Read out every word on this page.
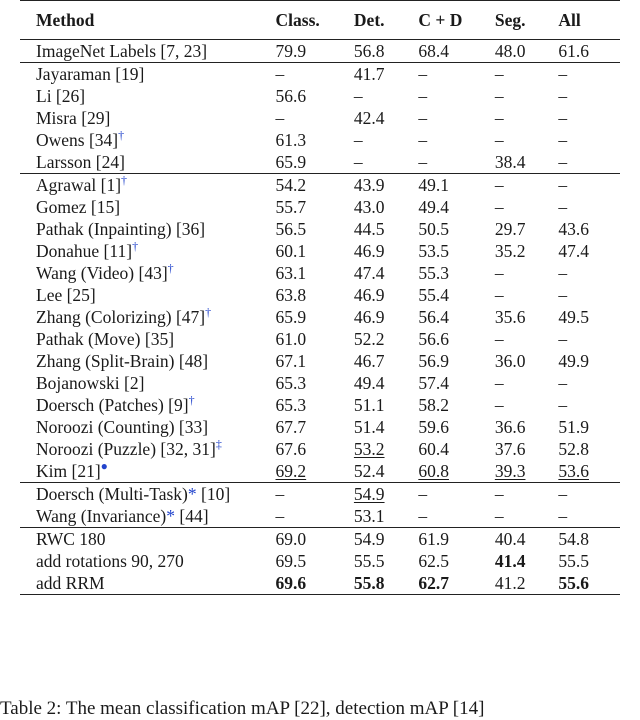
Method	Class.	Det.	C + D	Seg.	All
ImageNet Labels [7, 23]	79.9	56.8	68.4	48.0	61.6
Jayaraman [19]	–	41.7	–	–	–
Li [26]	56.6	–	–	–	–
Misra [29]	–	42.4	–	–	–
Owens [34]†	61.3	–	–	–	–
Larsson [24]	65.9	–	–	38.4	–
Agrawal [1]†	54.2	43.9	49.1	–	–
Gomez [15]	55.7	43.0	49.4	–	–
Pathak (Inpainting) [36]	56.5	44.5	50.5	29.7	43.6
Donahue [11]†	60.1	46.9	53.5	35.2	47.4
Wang (Video) [43]†	63.1	47.4	55.3	–	–
Lee [25]	63.8	46.9	55.4	–	–
Zhang (Colorizing) [47]†	65.9	46.9	56.4	35.6	49.5
Pathak (Move) [35]	61.0	52.2	56.6	–	–
Zhang (Split-Brain) [48]	67.1	46.7	56.9	36.0	49.9
Bojanowski [2]	65.3	49.4	57.4	–	–
Doersch (Patches) [9]†	65.3	51.1	58.2	–	–
Noroozi (Counting) [33]	67.7	51.4	59.6	36.6	51.9
Noroozi (Puzzle) [32, 31]‡	67.6	53.2	60.4	37.6	52.8
Kim [21]●	69.2	52.4	60.8	39.3	53.6
Doersch (Multi-Task)* [10]	–	54.9	–	–	–
Wang (Invariance)* [44]	–	53.1	–	–	–
RWC 180	69.0	54.9	61.9	40.4	54.8
add rotations 90, 270	69.5	55.5	62.5	41.4	55.5
add RRM	69.6	55.8	62.7	41.2	55.6
Table 2: The mean classification mAP [22], detection mAP [14]
